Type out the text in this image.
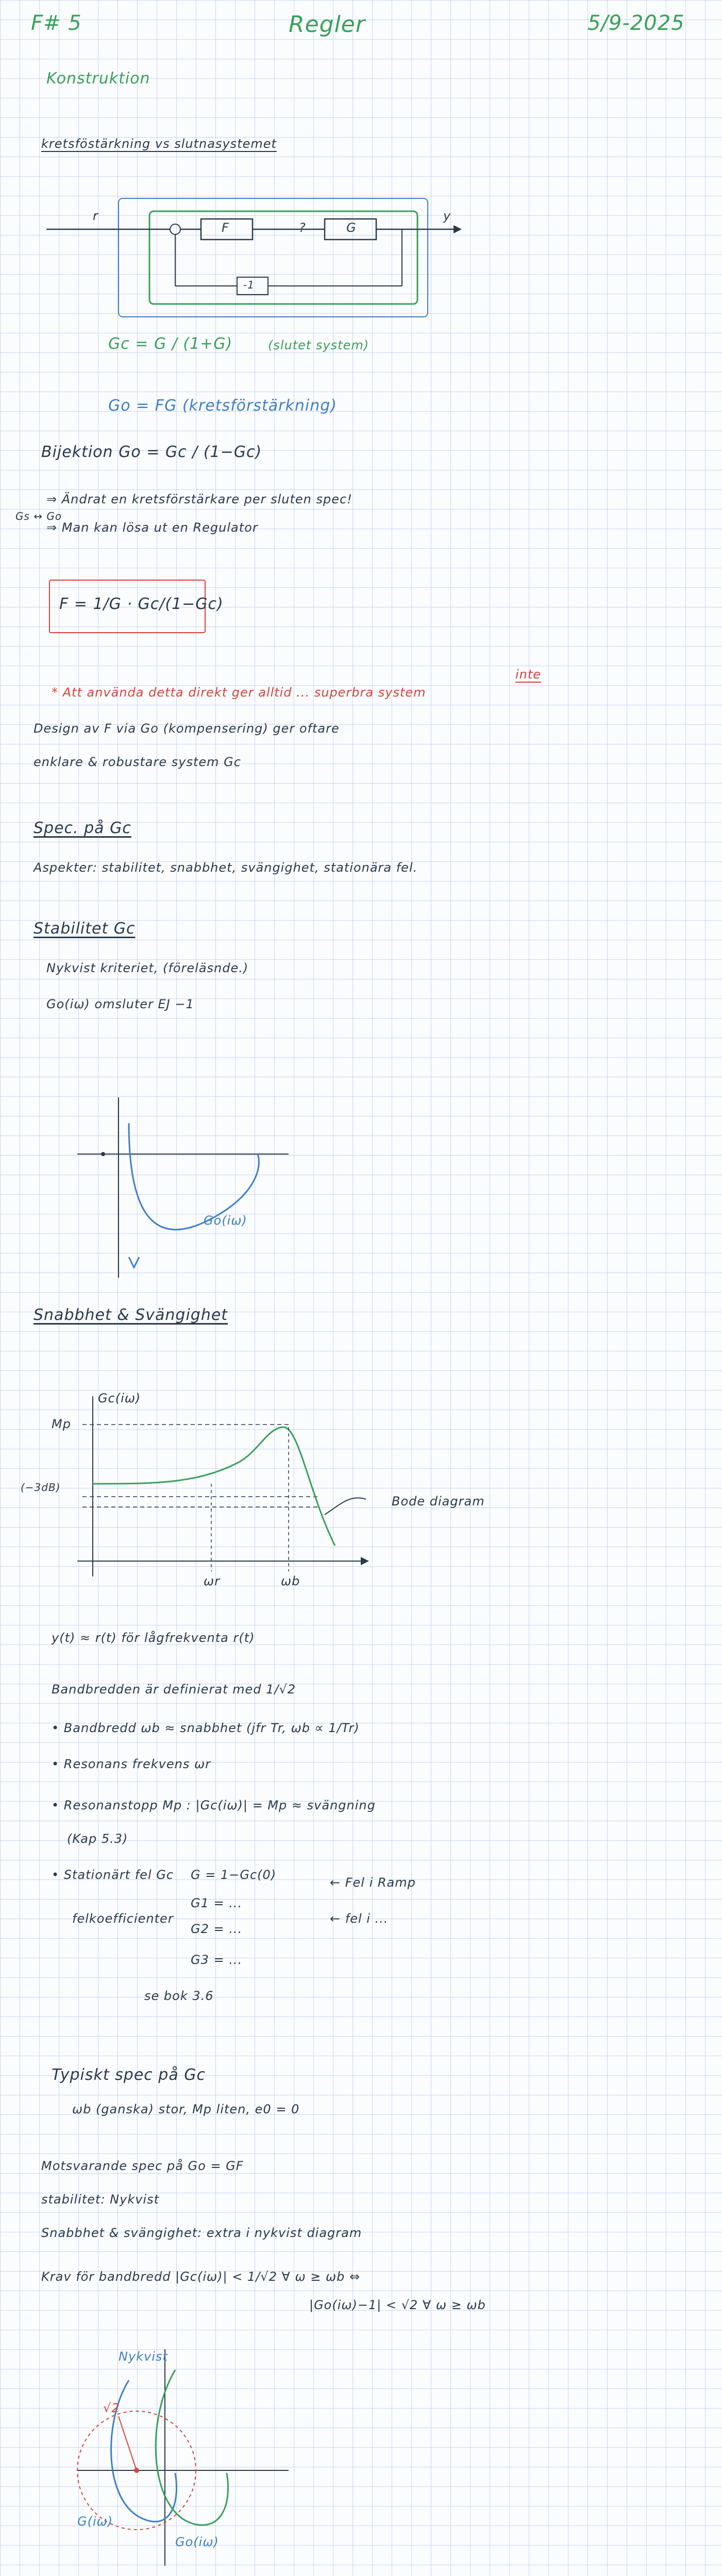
F# 5	Regler	5/9-2025
Konstruktion
kretsföstärkning vs slutnasystemet
r
F	?	G
y
-1
Gc = G / (1+G)	(slutet system)
Go = FG (kretsförstärkning)
Bijektion Go = Gc / (1−Gc)
⇒ Ändrat en kretsförstärkare per sluten spec!
Gs ↔ Go
⇒ Man kan lösa ut en Regulator
F = 1/G · Gc/(1−Gc)
* Att använda detta direkt ger alltid ... superbra system
inte
Design av F via Go (kompensering) ger oftare
enklare & robustare system Gc
Spec. på Gc
Aspekter: stabilitet, snabbhet, svängighet, stationära fel.
Stabilitet Gc
Nykvist kriteriet, (föreläsnde.)
Go(iω) omsluter EJ −1
Go(iω)
Snabbhet & Svängighet
Gc(iω)
Mp
(−3dB)
ωr	ωb
Bode diagram
y(t) ≈ r(t) för lågfrekventa r(t)
Bandbredden är definierat med 1/√2
• Bandbredd ωb ≈ snabbhet (jfr Tr, ωb ∝ 1/Tr)
• Resonans frekvens ωr
• Resonanstopp Mp : |Gc(iω)| = Mp ≈ svängning
(Kap 5.3)
• Stationärt fel Gc G = 1−Gc(0)
G1 = ...
G2 = ...
G3 = ...
felkoefficienter
← Fel i Ramp
← fel i ...
se bok 3.6
Typiskt spec på Gc
ωb (ganska) stor, Mp liten, e0 = 0
Motsvarande spec på Go = GF
stabilitet: Nykvist
Snabbhet & svängighet: extra i nykvist diagram
Krav för bandbredd |Gc(iω)| < 1/√2 ∀ ω ≥ ωb ⇔
|Go(iω)−1| < √2 ∀ ω ≥ ωb
Nykvist
Go(iω)
G(iω)
√2
